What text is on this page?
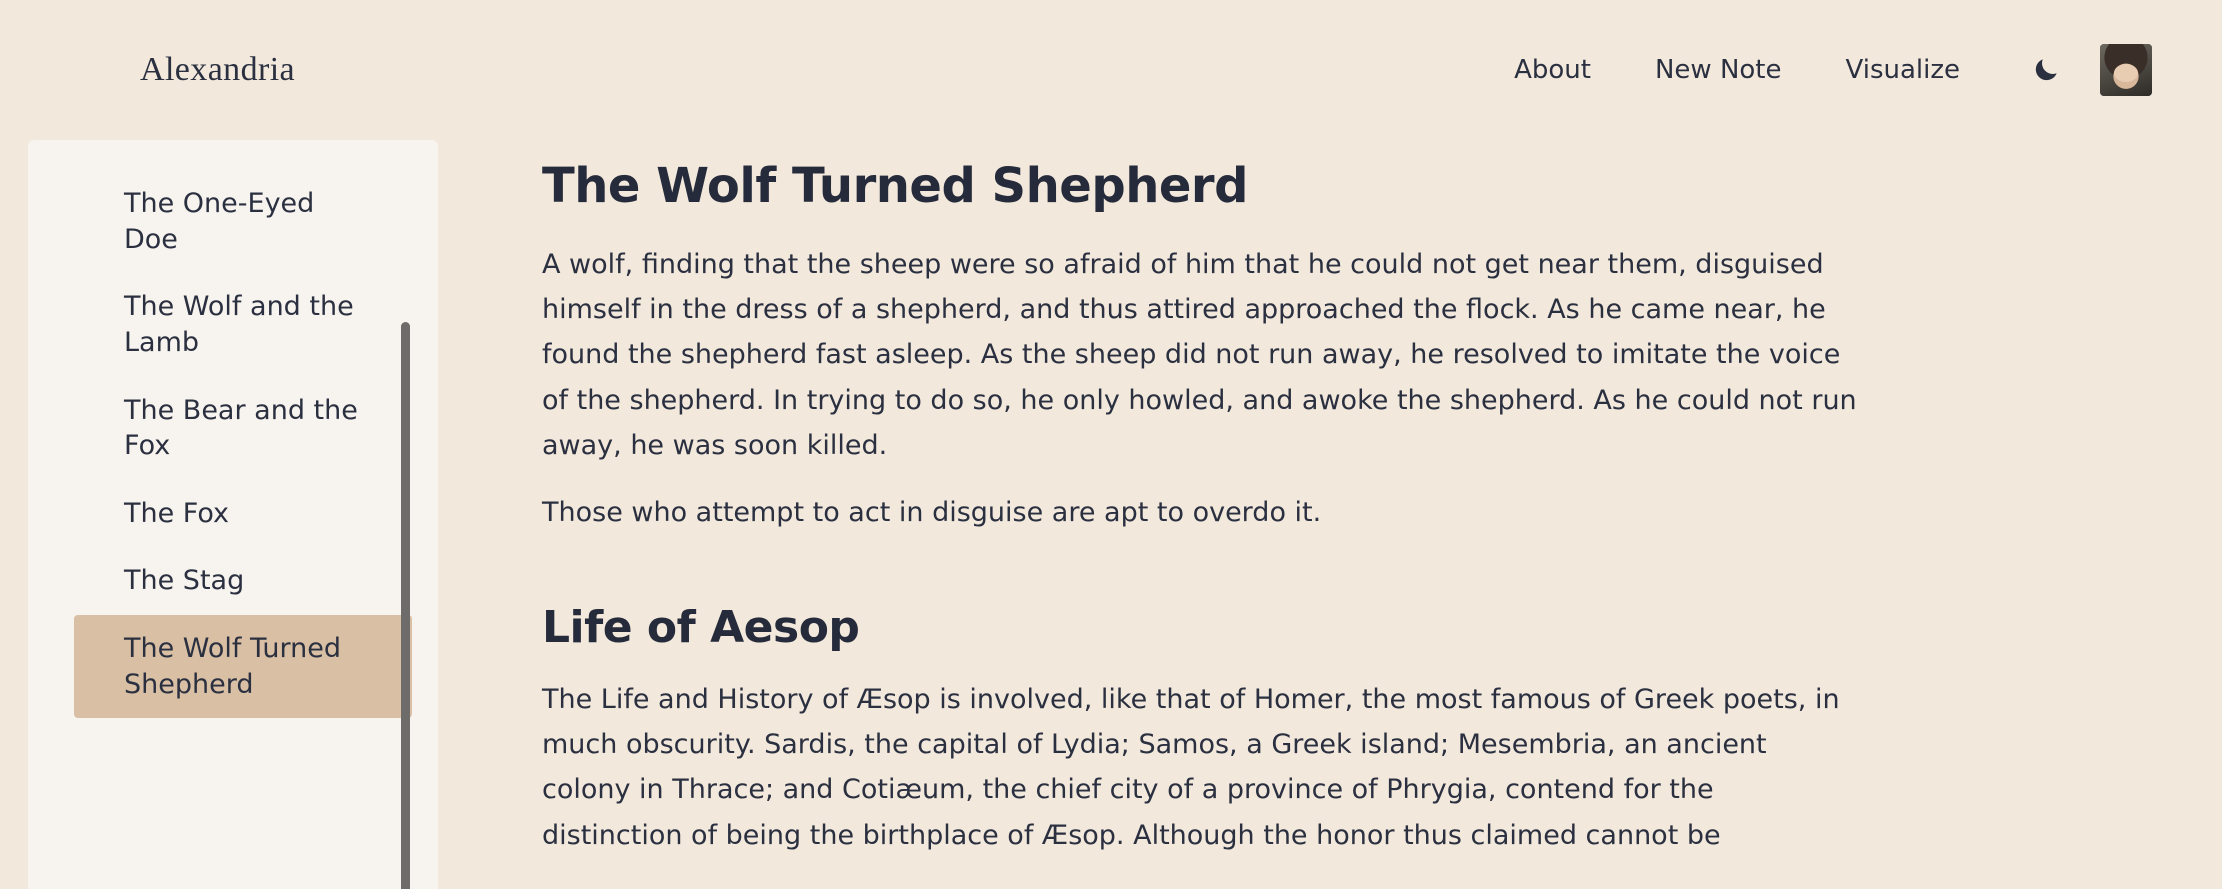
Alexandria	About	New Note	Visualize
The One-Eyed Doe
The Wolf and the Lamb
The Bear and the Fox
The Fox
The Stag
The Wolf Turned Shepherd
The Wolf Turned Shepherd

A wolf, finding that the sheep were so afraid of him that he could not get near them, disguised himself in the dress of a shepherd, and thus attired approached the flock. As he came near, he found the shepherd fast asleep. As the sheep did not run away, he resolved to imitate the voice of the shepherd. In trying to do so, he only howled, and awoke the shepherd. As he could not run away, he was soon killed.

Those who attempt to act in disguise are apt to overdo it.

Life of Aesop

The Life and History of Æsop is involved, like that of Homer, the most famous of Greek poets, in much obscurity. Sardis, the capital of Lydia; Samos, a Greek island; Mesembria, an ancient colony in Thrace; and Cotiæum, the chief city of a province of Phrygia, contend for the distinction of being the birthplace of Æsop. Although the honor thus claimed cannot be
